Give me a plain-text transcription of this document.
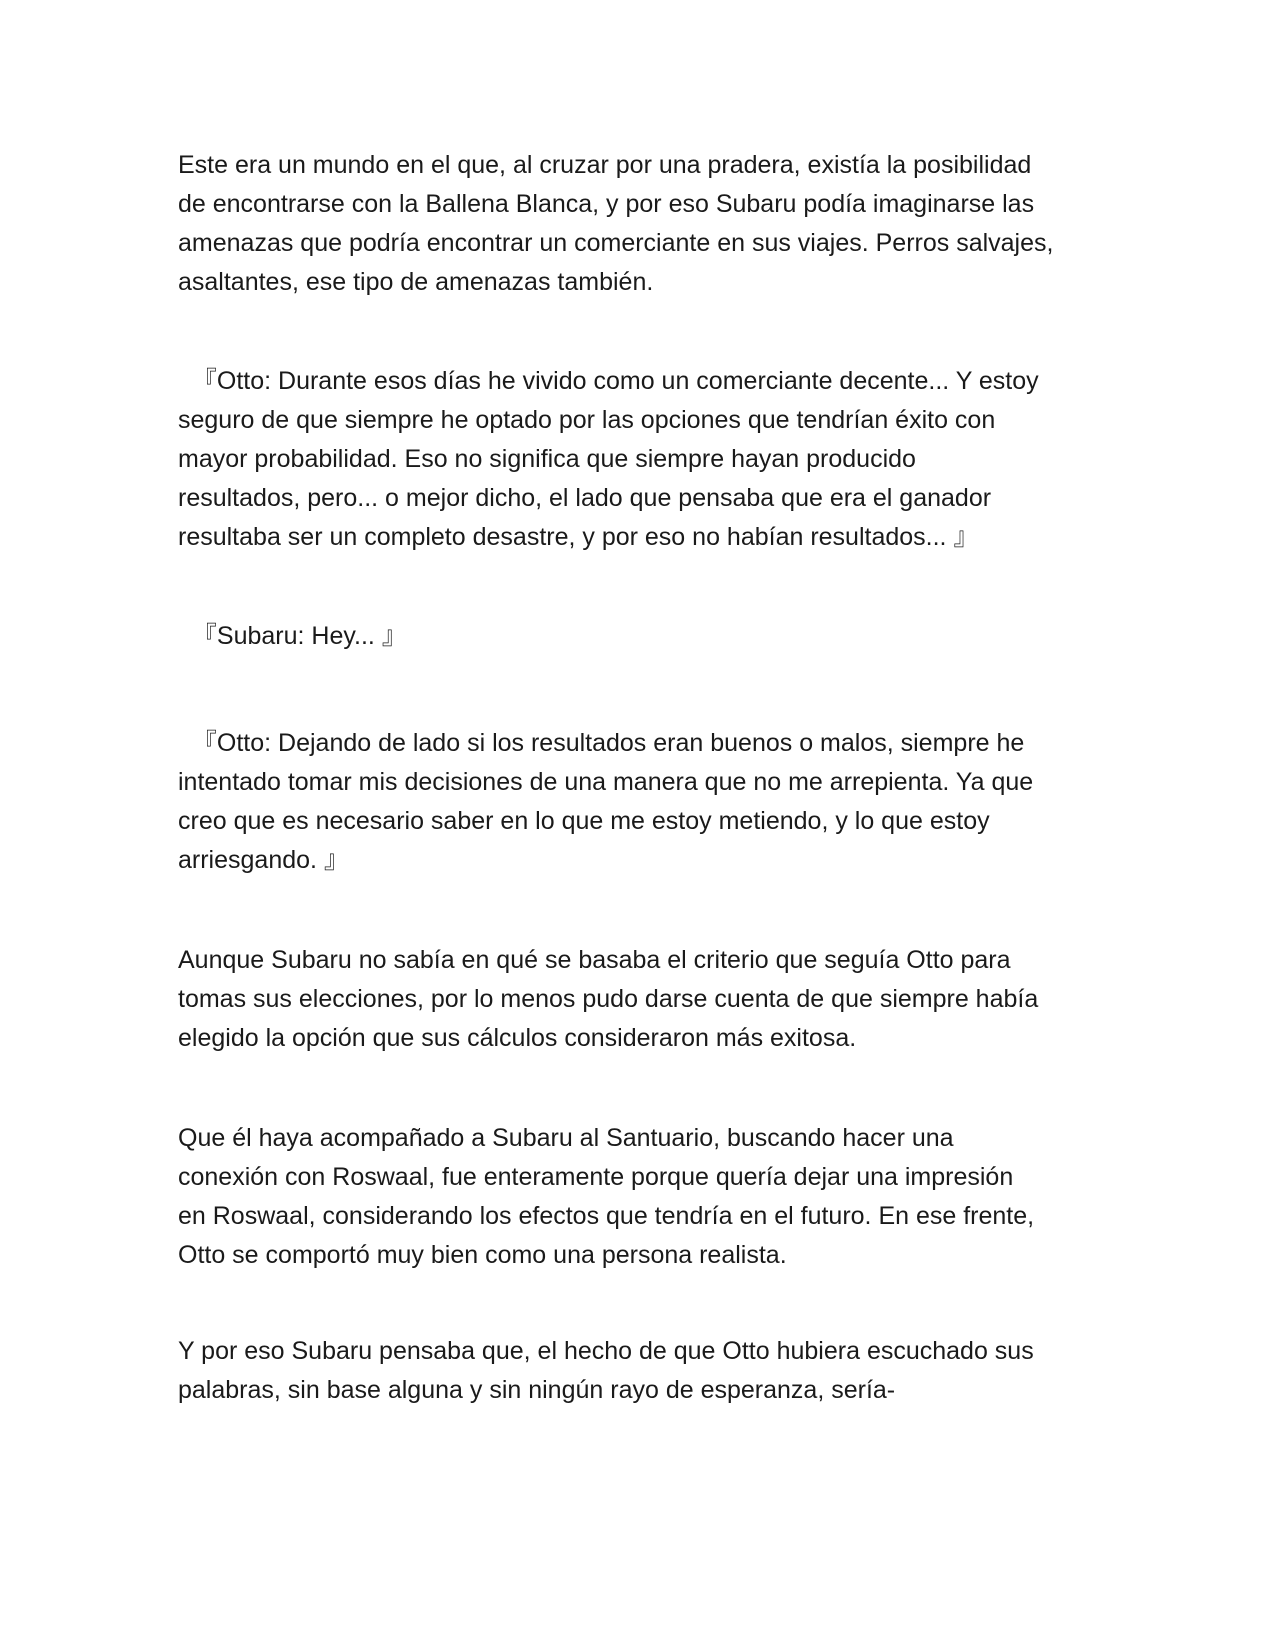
Este era un mundo en el que, al cruzar por una pradera, existía la posibilidad
de encontrarse con la Ballena Blanca, y por eso Subaru podía imaginarse las
amenazas que podría encontrar un comerciante en sus viajes. Perros salvajes,
asaltantes, ese tipo de amenazas también.

『Otto: Durante esos días he vivido como un comerciante decente... Y estoy
seguro de que siempre he optado por las opciones que tendrían éxito con
mayor probabilidad. Eso no significa que siempre hayan producido
resultados, pero... o mejor dicho, el lado que pensaba que era el ganador
resultaba ser un completo desastre, y por eso no habían resultados... 』

『Subaru: Hey... 』

『Otto: Dejando de lado si los resultados eran buenos o malos, siempre he
intentado tomar mis decisiones de una manera que no me arrepienta. Ya que
creo que es necesario saber en lo que me estoy metiendo, y lo que estoy
arriesgando. 』

Aunque Subaru no sabía en qué se basaba el criterio que seguía Otto para
tomas sus elecciones, por lo menos pudo darse cuenta de que siempre había
elegido la opción que sus cálculos consideraron más exitosa.

Que él haya acompañado a Subaru al Santuario, buscando hacer una
conexión con Roswaal, fue enteramente porque quería dejar una impresión
en Roswaal, considerando los efectos que tendría en el futuro. En ese frente,
Otto se comportó muy bien como una persona realista.

Y por eso Subaru pensaba que, el hecho de que Otto hubiera escuchado sus
palabras, sin base alguna y sin ningún rayo de esperanza, sería-
